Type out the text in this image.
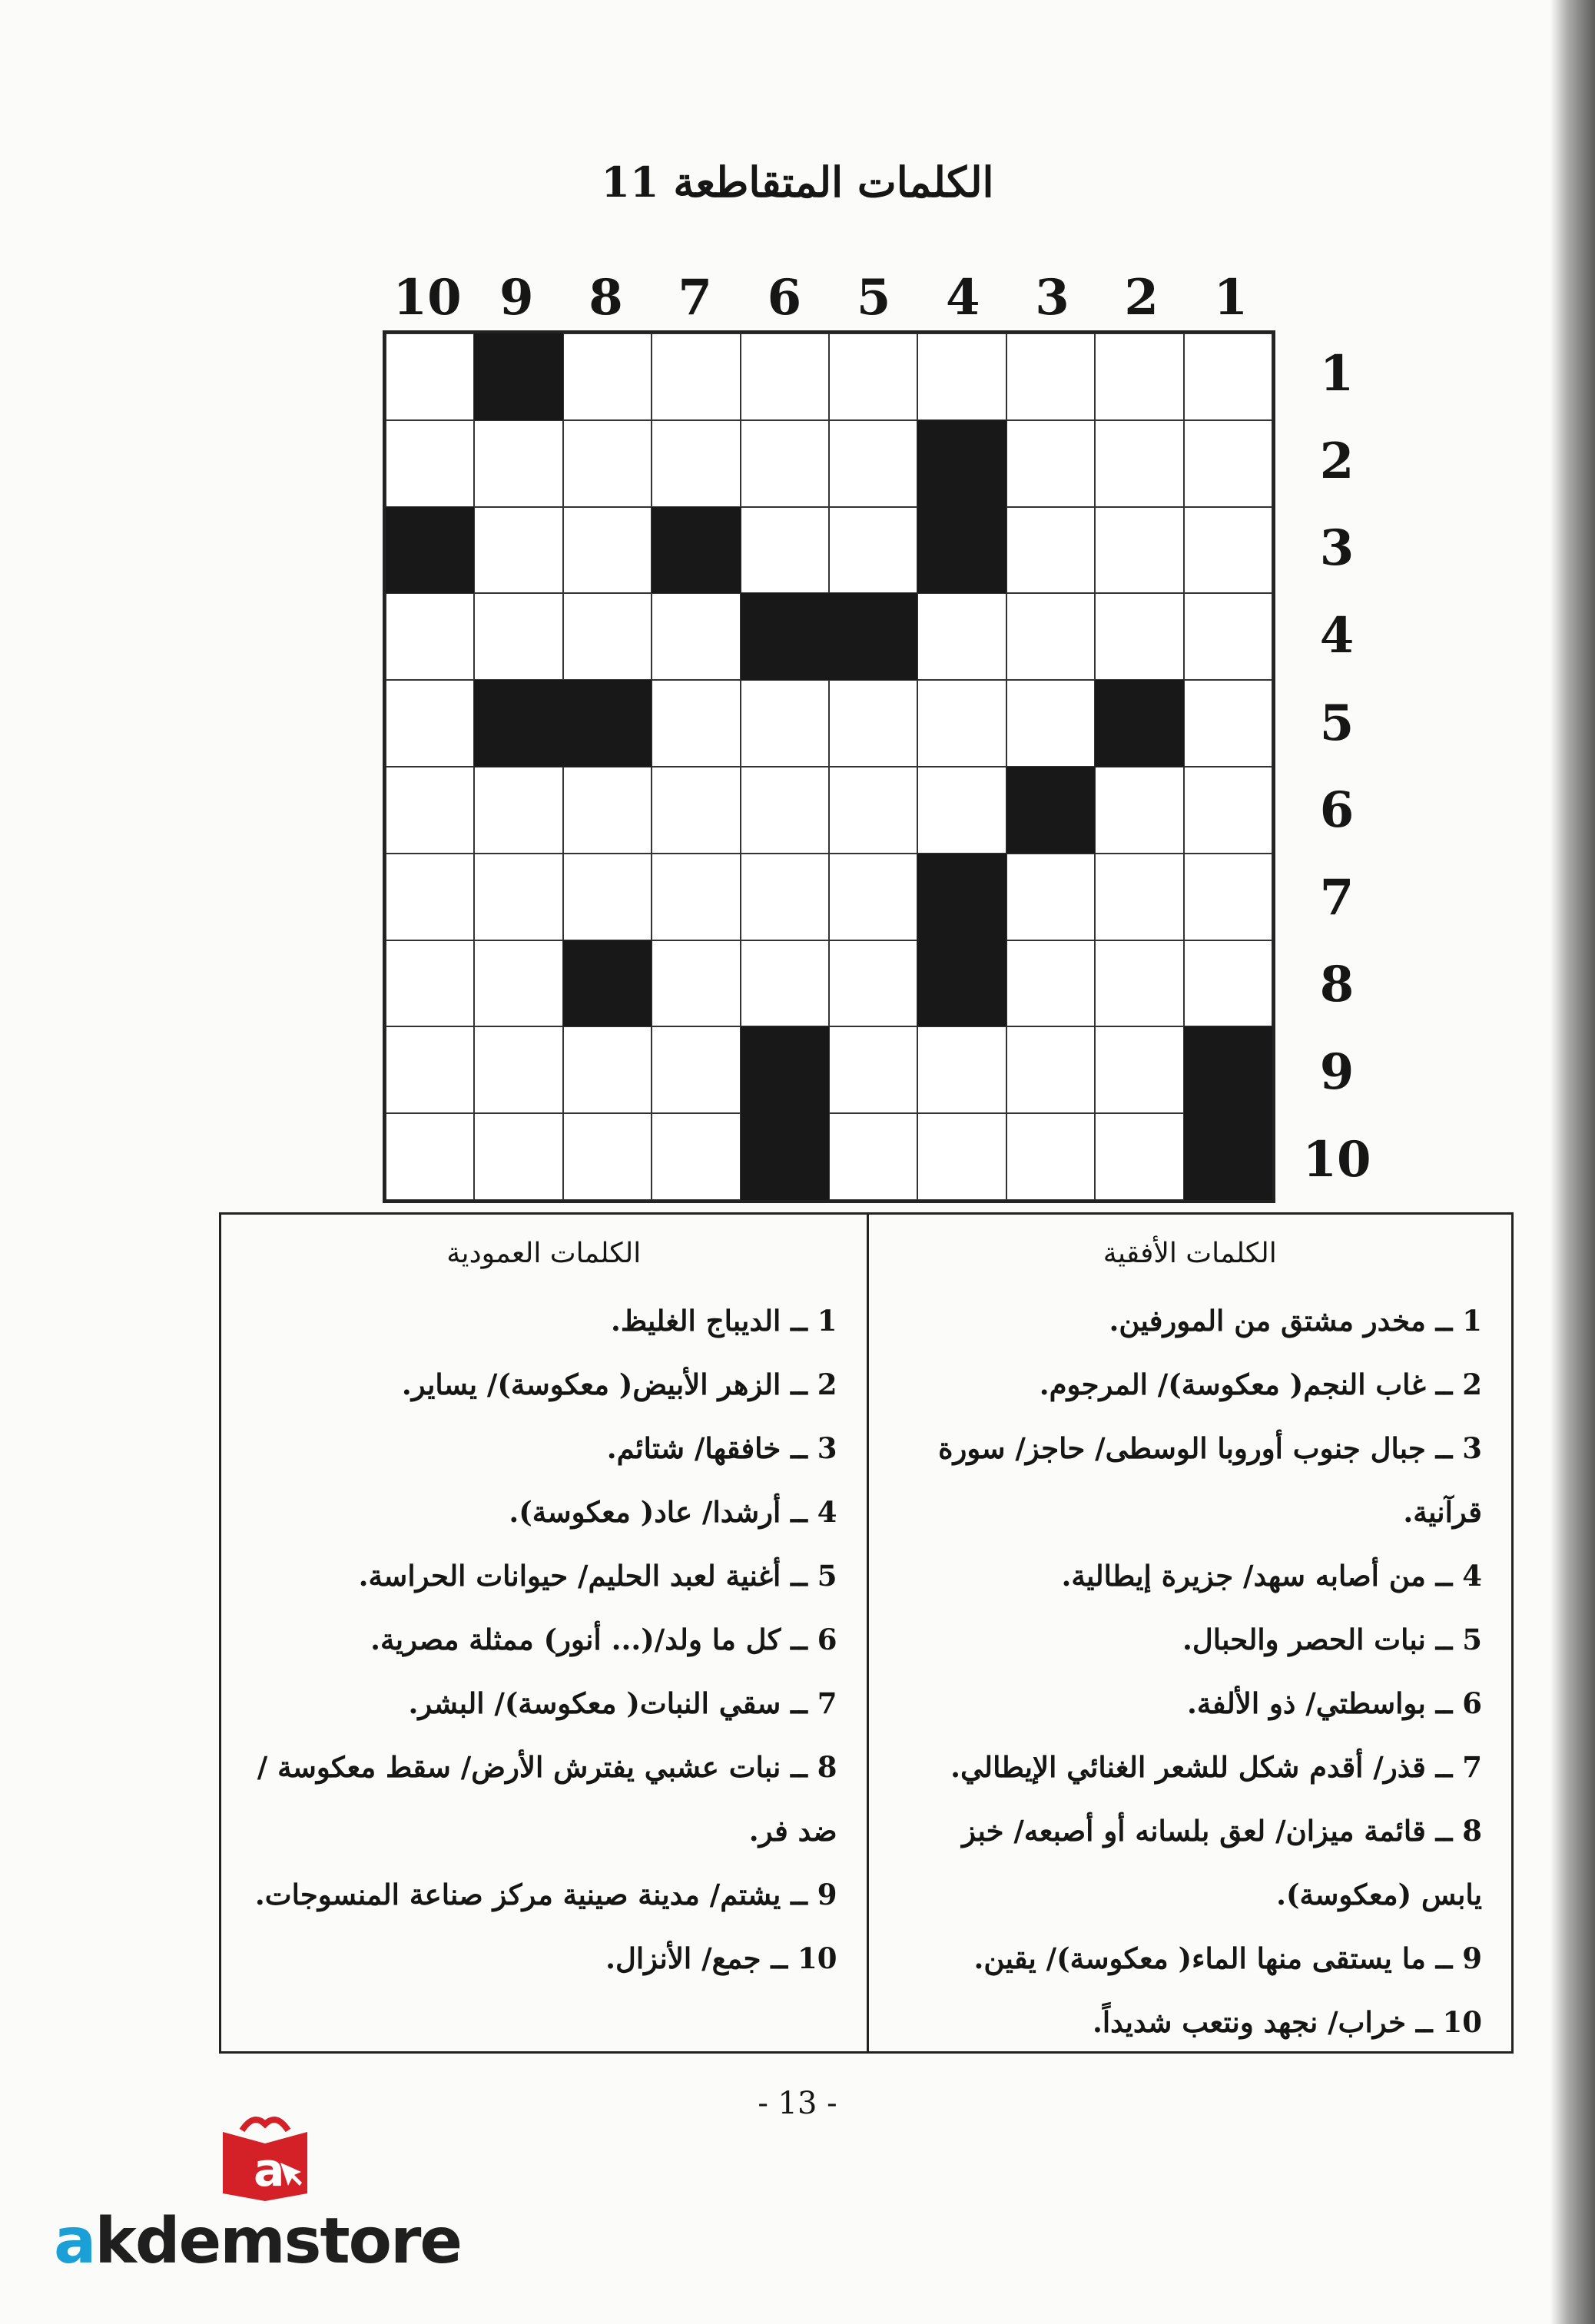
الكلمات المتقاطعة 11
1
2
3
4
5
6
7
8
9
10
1
2
3
4
5
6
7
8
9
10
الكلمات الأفقية

1 ــ مخدر مشتق من المورفين.

2 ــ غاب النجم( معكوسة)/ المرجوم.

3 ــ جبال جنوب أوروبا الوسطى/ حاجز/ سورة قرآنية.

4 ــ من أصابه سهد/ جزيرة إيطالية.

5 ــ نبات الحصر والحبال.

6 ــ بواسطتي/ ذو الألفة.

7 ــ قذر/ أقدم شكل للشعر الغنائي الإيطالي.

8 ــ قائمة ميزان/ لعق بلسانه أو أصبعه/ خبز يابس (معكوسة).

9 ــ ما يستقى منها الماء( معكوسة)/ يقين.

10 ــ خراب/ نجهد ونتعب شديداً.

الكلمات العمودية

1 ــ الديباج الغليظ.

2 ــ الزهر الأبيض( معكوسة)/ يساير.

3 ــ خافقها/ شتائم.

4 ــ أرشدا/ عاد( معكوسة).

5 ــ أغنية لعبد الحليم/ حيوانات الحراسة.

6 ــ كل ما ولد/(... أنور) ممثلة مصرية.

7 ــ سقي النبات( معكوسة)/ البشر.

8 ــ نبات عشبي يفترش الأرض/ سقط معكوسة / ضد فر.

9 ــ يشتم/ مدينة صينية مركز صناعة المنسوجات.

10 ــ جمع/ الأنزال.

- 13 -
a
akdemstore
